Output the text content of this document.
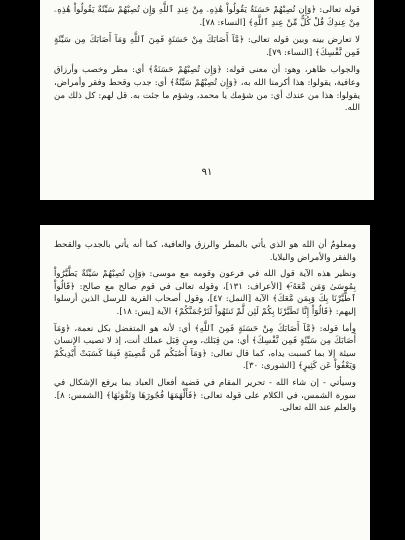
قوله تعالى: ﴿وَإِن تُصِبْهُمْ حَسَنَةٌ يَقُولُواْ هَٰذِهِۦ مِنْ عِندِ ٱللَّهِ وَإِن تُصِبْهُمْ سَيِّئَةٌ يَقُولُواْ هَٰذِهِۦ مِنْ عِندِكَ قُلْ كُلٌّ مِّنْ عِندِ ٱللَّهِ﴾ [النساء: ٧٨].

لا تعارض بينه وبين قوله تعالى: ﴿مَّآ أَصَابَكَ مِنْ حَسَنَةٍ فَمِنَ ٱللَّهِ وَمَآ أَصَابَكَ مِن سَيِّئَةٍ فَمِن نَّفْسِكَ﴾ [النساء: ٧٩].

والجواب ظاهر، وهو: أن معنى قوله: ﴿وَإِن تُصِبْهُمْ حَسَنَةٌ﴾ أي: مطر وخصب وأرزاق وعافية، يقولوا: هذا أكرمنا الله به، ﴿وَإِن تُصِبْهُمْ سَيِّئَةٌ﴾ أي: جدب وقحط وفقر وأمراض، يقولوا: هذا من عندك أي: من شؤمك يا محمد، وشؤم ما جئت به. قل لهم: كل ذلك من الله.

٩١

ومعلومٌ أن الله هو الذي يأتي بالمطر والرزق والعافية، كما أنه يأتي بالجدب والقحط والفقر والأمراض والبلايا.

ونظير هذه الآية قول الله في فرعون وقومه مع موسى: ﴿وَإِن تُصِبْهُمْ سَيِّئَةٌ يَطَّيَّرُواْ بِمُوسَىٰ وَمَن مَّعَهُۥٓ﴾ [الأعراف: ١٣١]، وقوله تعالى في قوم صالح مع صالح: ﴿قَالُواْ ٱطَّيَّرْنَا بِكَ وَبِمَن مَّعَكَ﴾ الآية [النمل: ٤٧]، وقول أصحاب القرية للرسل الذين أرسلوا إليهم: ﴿قَالُوٓاْ إِنَّا تَطَيَّرْنَا بِكُمْ لَئِن لَّمْ تَنتَهُواْ لَنَرْجُمَنَّكُمْ﴾ الآية [يس: ١٨].

وأما قوله: ﴿مَّآ أَصَابَكَ مِنْ حَسَنَةٍ فَمِنَ ٱللَّهِ﴾ أي: لأنه هو المتفضل بكل نعمة، ﴿وَمَآ أَصَابَكَ مِن سَيِّئَةٍ فَمِن نَّفْسِكَ﴾ أي: من قِبَلك، ومن قِبَل عملك أنت، إذ لا تصيب الإنسان سيئة إلا بما كسبت يداه، كما قال تعالى: ﴿وَمَآ أَصَٰبَكُم مِّن مُّصِيبَةٍ فَبِمَا كَسَبَتْ أَيْدِيكُمْ وَيَعْفُواْ عَن كَثِيرٍ﴾ [الشورى: ٣٠].

وسيأتي - إن شاء الله - تحرير المقام في قضية أفعال العباد بما يرفع الإشكال في سورة الشمس، في الكلام على قوله تعالى: ﴿فَأَلْهَمَهَا فُجُورَهَا وَتَقْوَىٰهَا﴾ [الشمس: ٨]. والعلم عند الله تعالى.
